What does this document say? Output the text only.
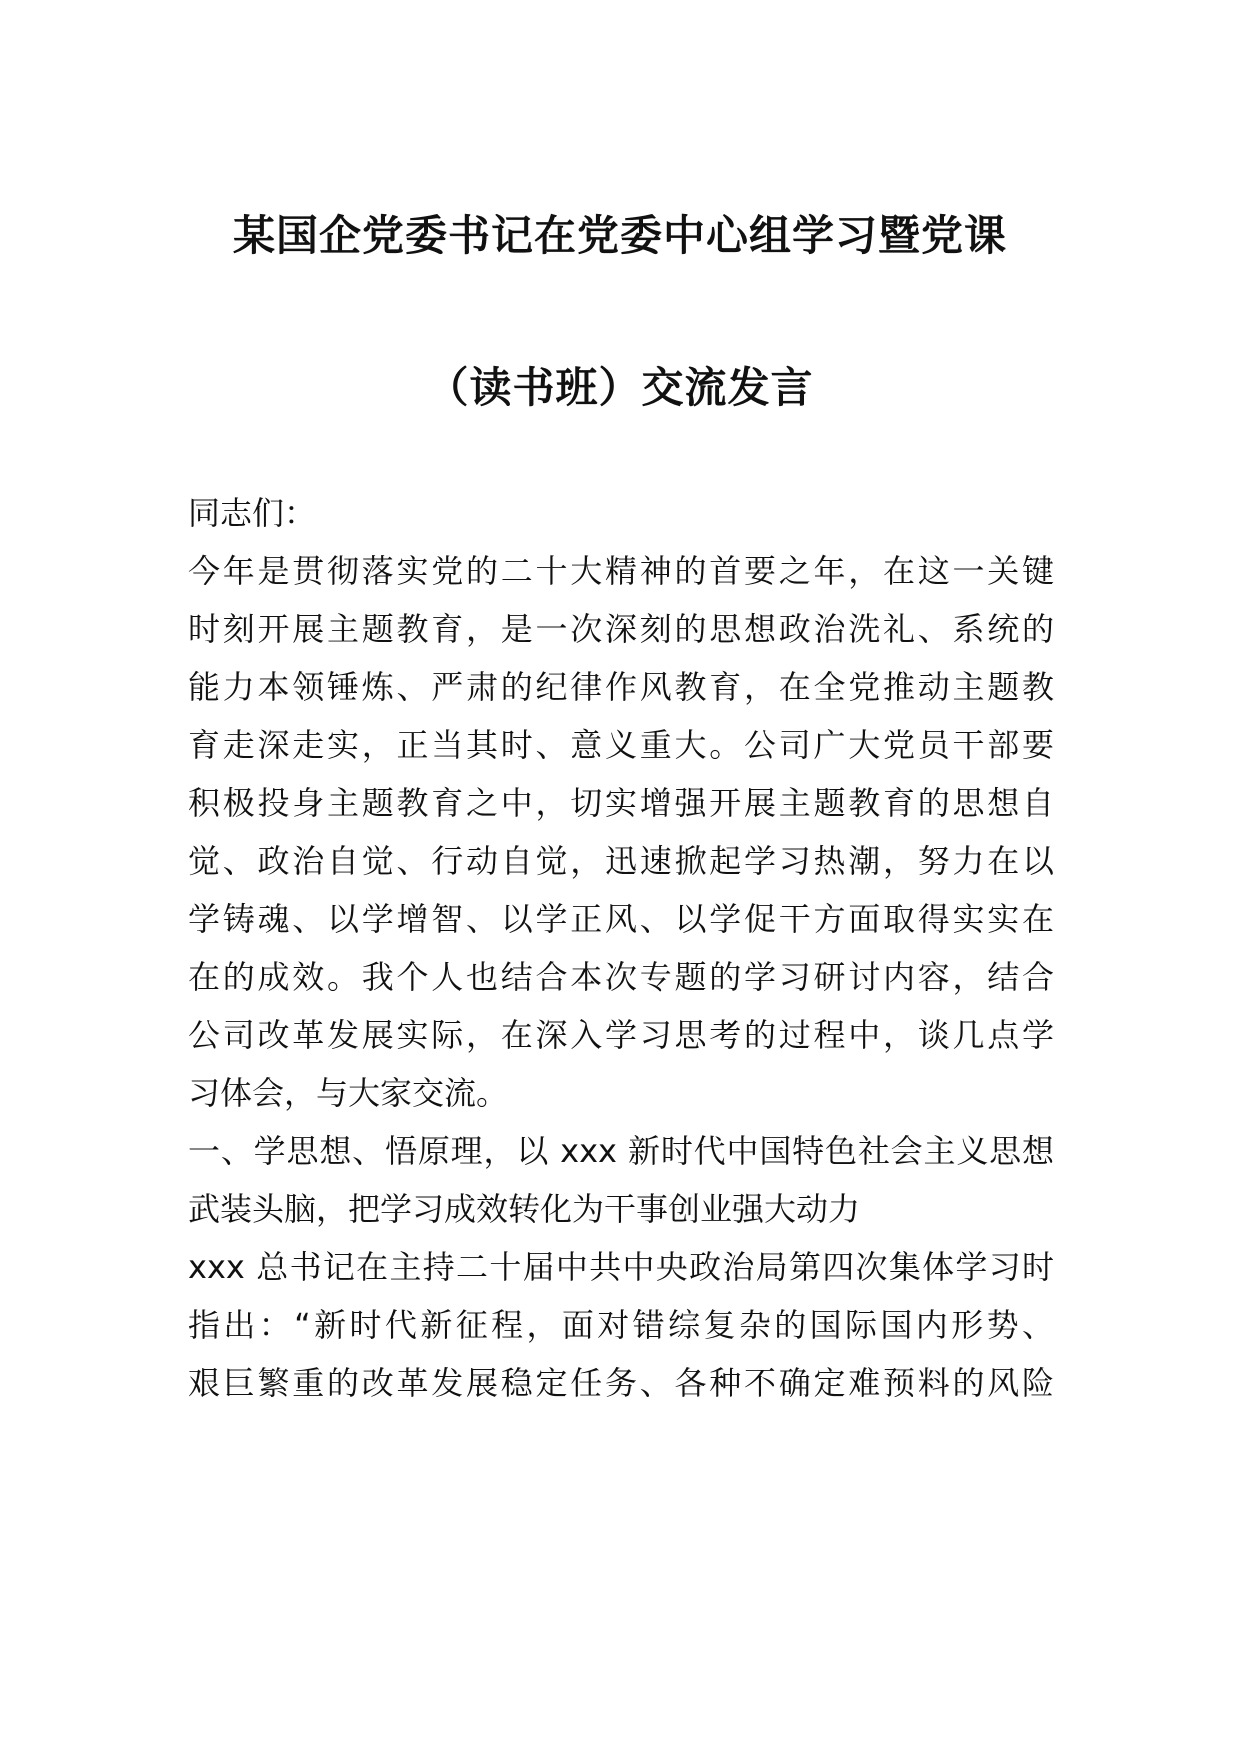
某国企党委书记在党委中心组学习暨党课
（读书班）交流发言
同志们：
今年是贯彻落实党的二十大精神的首要之年，在这一关键
时刻开展主题教育，是一次深刻的思想政治洗礼、系统的
能力本领锤炼、严肃的纪律作风教育，在全党推动主题教
育走深走实，正当其时、意义重大。公司广大党员干部要
积极投身主题教育之中，切实增强开展主题教育的思想自
觉、政治自觉、行动自觉，迅速掀起学习热潮，努力在以
学铸魂、以学增智、以学正风、以学促干方面取得实实在
在的成效。我个人也结合本次专题的学习研讨内容，结合
公司改革发展实际，在深入学习思考的过程中，谈几点学
习体会，与大家交流。
一、学思想、悟原理，以 xxx 新时代中国特色社会主义思想
武装头脑，把学习成效转化为干事创业强大动力
xxx 总书记在主持二十届中共中央政治局第四次集体学习时
指出：“新时代新征程，面对错综复杂的国际国内形势、
艰巨繁重的改革发展稳定任务、各种不确定难预料的风险
